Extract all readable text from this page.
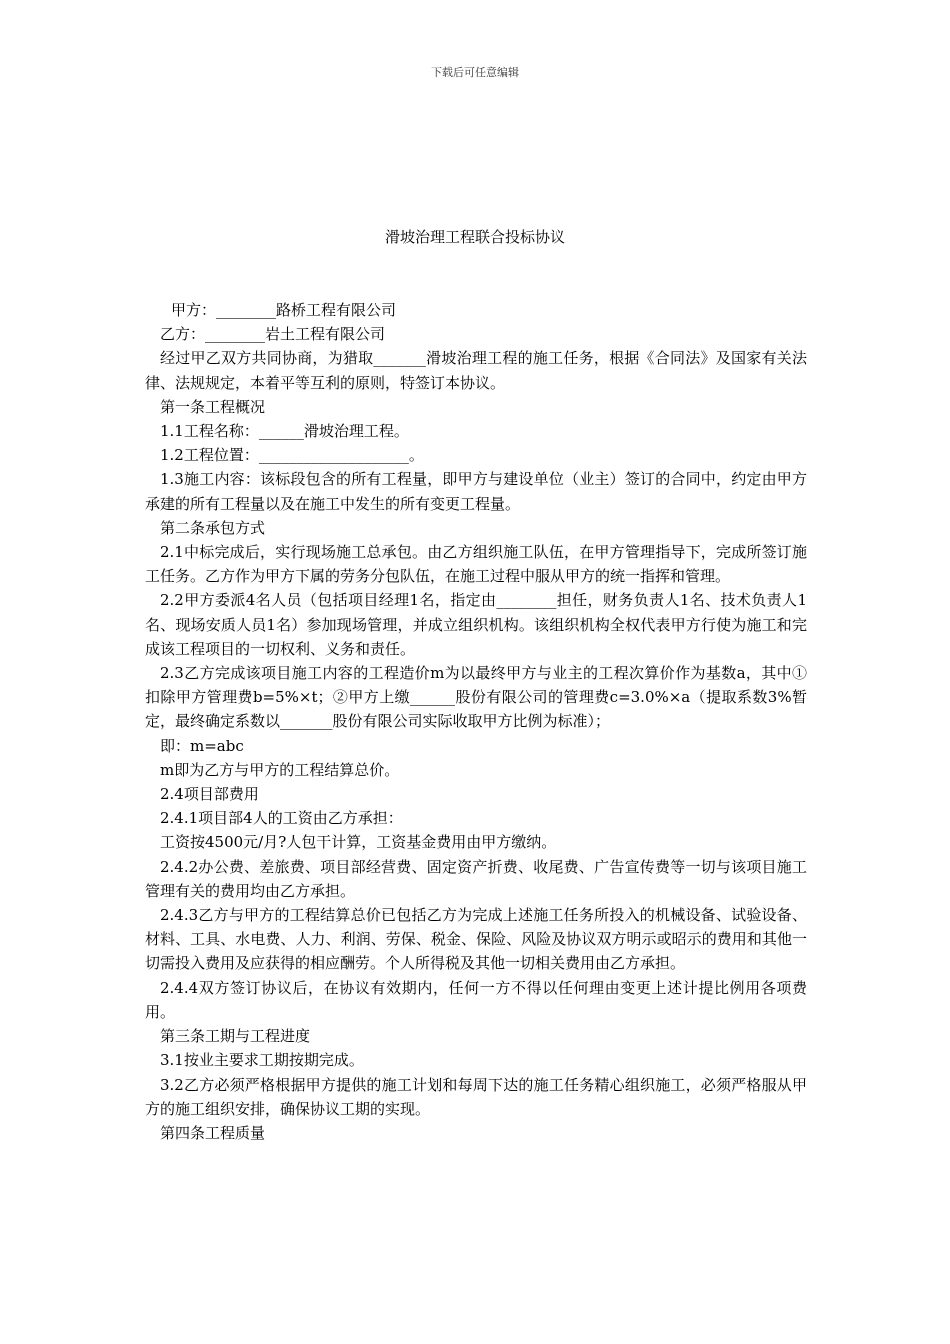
下载后可任意编辑
滑坡治理工程联合投标协议

甲方：________路桥工程有限公司

乙方：________岩土工程有限公司

经过甲乙双方共同协商，为猎取_______滑坡治理工程的施工任务，根据《合同法》及国家有关法律、法规规定，本着平等互利的原则，特签订本协议。

第一条工程概况

1.1工程名称：______滑坡治理工程。

1.2工程位置：____________________。

1.3施工内容：该标段包含的所有工程量，即甲方与建设单位（业主）签订的合同中，约定由甲方承建的所有工程量以及在施工中发生的所有变更工程量。

第二条承包方式

2.1中标完成后，实行现场施工总承包。由乙方组织施工队伍，在甲方管理指导下，完成所签订施工任务。乙方作为甲方下属的劳务分包队伍，在施工过程中服从甲方的统一指挥和管理。

2.2甲方委派4名人员（包括项目经理1名，指定由________担任，财务负责人1名、技术负责人1名、现场安质人员1名）参加现场管理，并成立组织机构。该组织机构全权代表甲方行使为施工和完成该工程项目的一切权利、义务和责任。

2.3乙方完成该项目施工内容的工程造价m为以最终甲方与业主的工程次算价作为基数a，其中①扣除甲方管理费b=5%×t；②甲方上缴______股份有限公司的管理费c=3.0%×a（提取系数3%暂定，最终确定系数以_______股份有限公司实际收取甲方比例为标准）；

即：m=abc

m即为乙方与甲方的工程结算总价。

2.4项目部费用

2.4.1项目部4人的工资由乙方承担：

工资按4500元/月?人包干计算，工资基金费用由甲方缴纳。

2.4.2办公费、差旅费、项目部经营费、固定资产折费、收尾费、广告宣传费等一切与该项目施工管理有关的费用均由乙方承担。

2.4.3乙方与甲方的工程结算总价已包括乙方为完成上述施工任务所投入的机械设备、试验设备、材料、工具、水电费、人力、利润、劳保、税金、保险、风险及协议双方明示或昭示的费用和其他一切需投入费用及应获得的相应酬劳。个人所得税及其他一切相关费用由乙方承担。

2.4.4双方签订协议后，在协议有效期内，任何一方不得以任何理由变更上述计提比例用各项费用。

第三条工期与工程进度

3.1按业主要求工期按期完成。

3.2乙方必须严格根据甲方提供的施工计划和每周下达的施工任务精心组织施工，必须严格服从甲方的施工组织安排，确保协议工期的实现。

第四条工程质量
